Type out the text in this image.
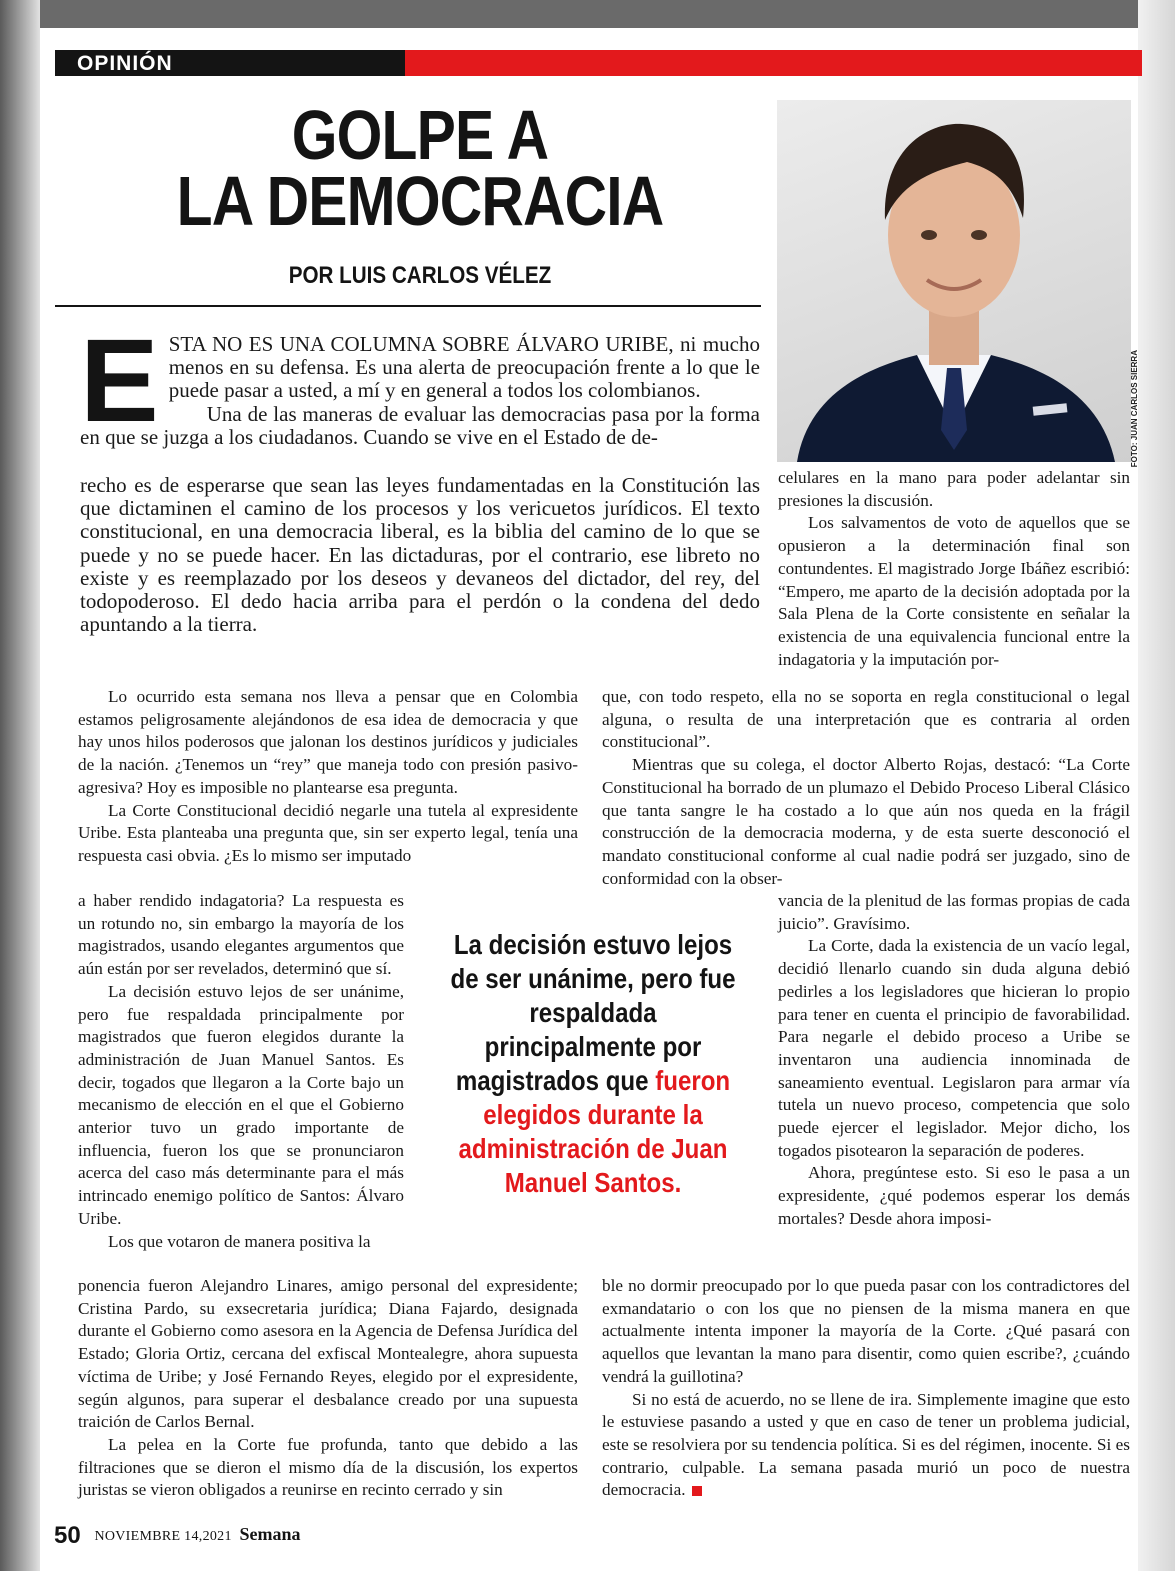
OPINIÓN
GOLPE A
LA DEMOCRACIA
POR LUIS CARLOS VÉLEZ
FOTO: JUAN CARLOS SIERRA
E STA NO ES UNA COLUMNA SOBRE ÁLVARO URIBE, ni mucho menos en su defensa. Es una alerta de preocupación frente a lo que le puede pasar a usted, a mí y en general a todos los colombianos.

Una de las maneras de evaluar las democracias pasa por la forma en que se juzga a los ciudadanos. Cuando se vive en el Estado de de-

recho es de esperarse que sean las leyes fundamentadas en la Constitución las que dictaminen el camino de los procesos y los vericuetos jurídicos. El texto constitucional, en una democracia liberal, es la biblia del camino de lo que se puede y no se puede hacer. En las dictaduras, por el contrario, ese libreto no existe y es reemplazado por los deseos y devaneos del dictador, del rey, del todopoderoso. El dedo hacia arriba para el perdón o la condena del dedo apuntando a la tierra.

celulares en la mano para poder adelantar sin presiones la discusión.

Los salvamentos de voto de aquellos que se opusieron a la determinación final son contundentes. El magistrado Jorge Ibáñez escribió: “Empero, me aparto de la decisión adoptada por la Sala Plena de la Corte consistente en señalar la existencia de una equivalencia funcional entre la indagatoria y la imputación por-

Lo ocurrido esta semana nos lleva a pensar que en Colombia estamos peligrosamente alejándonos de esa idea de democracia y que hay unos hilos poderosos que jalonan los destinos jurídicos y judiciales de la nación. ¿Tenemos un “rey” que maneja todo con presión pasivo-agresiva? Hoy es imposible no plantearse esa pregunta.

La Corte Constitucional decidió negarle una tutela al expresidente Uribe. Esta planteaba una pregunta que, sin ser experto legal, tenía una respuesta casi obvia. ¿Es lo mismo ser imputado

que, con todo respeto, ella no se soporta en regla constitucional o legal alguna, o resulta de una interpretación que es contraria al orden constitucional”.

Mientras que su colega, el doctor Alberto Rojas, destacó: “La Corte Constitucional ha borrado de un plumazo el Debido Proceso Liberal Clásico que tanta sangre le ha costado a lo que aún nos queda en la frágil construcción de la democracia moderna, y de esta suerte desconoció el mandato constitucional conforme al cual nadie podrá ser juzgado, sino de conformidad con la obser-

a haber rendido indagatoria? La respuesta es un rotundo no, sin embargo la mayoría de los magistrados, usando elegantes argumentos que aún están por ser revelados, determinó que sí.

La decisión estuvo lejos de ser unánime, pero fue respaldada principalmente por magistrados que fueron elegidos durante la administración de Juan Manuel Santos. Es decir, togados que llegaron a la Corte bajo un mecanismo de elección en el que el Gobierno anterior tuvo un grado importante de influencia, fueron los que se pronunciaron acerca del caso más determinante para el más intrincado enemigo político de Santos: Álvaro Uribe.

Los que votaron de manera positiva la

La decisión estuvo lejos de ser unánime, pero fue respaldada principalmente por magistrados que fueron elegidos durante la administración de Juan Manuel Santos.

vancia de la plenitud de las formas propias de cada juicio”. Gravísimo.

La Corte, dada la existencia de un vacío legal, decidió llenarlo cuando sin duda alguna debió pedirles a los legisladores que hicieran lo propio para tener en cuenta el principio de favorabilidad. Para negarle el debido proceso a Uribe se inventaron una audiencia innominada de saneamiento eventual. Legislaron para armar vía tutela un nuevo proceso, competencia que solo puede ejercer el legislador. Mejor dicho, los togados pisotearon la separación de poderes.

Ahora, pregúntese esto. Si eso le pasa a un expresidente, ¿qué podemos esperar los demás mortales? Desde ahora imposi-

ponencia fueron Alejandro Linares, amigo personal del expresidente; Cristina Pardo, su exsecretaria jurídica; Diana Fajardo, designada durante el Gobierno como asesora en la Agencia de Defensa Jurídica del Estado; Gloria Ortiz, cercana del exfiscal Montealegre, ahora supuesta víctima de Uribe; y José Fernando Reyes, elegido por el expresidente, según algunos, para superar el desbalance creado por una supuesta traición de Carlos Bernal.

La pelea en la Corte fue profunda, tanto que debido a las filtraciones que se dieron el mismo día de la discusión, los expertos juristas se vieron obligados a reunirse en recinto cerrado y sin

ble no dormir preocupado por lo que pueda pasar con los contradictores del exmandatario o con los que no piensen de la misma manera en que actualmente intenta imponer la mayoría de la Corte. ¿Qué pasará con aquellos que levantan la mano para disentir, como quien escribe?, ¿cuándo vendrá la guillotina?

Si no está de acuerdo, no se llene de ira. Simplemente imagine que esto le estuviese pasando a usted y que en caso de tener un problema judicial, este se resolviera por su tendencia política. Si es del régimen, inocente. Si es contrario, culpable. La semana pasada murió un poco de nuestra democracia.

50 NOVIEMBRE 14,2021 Semana
